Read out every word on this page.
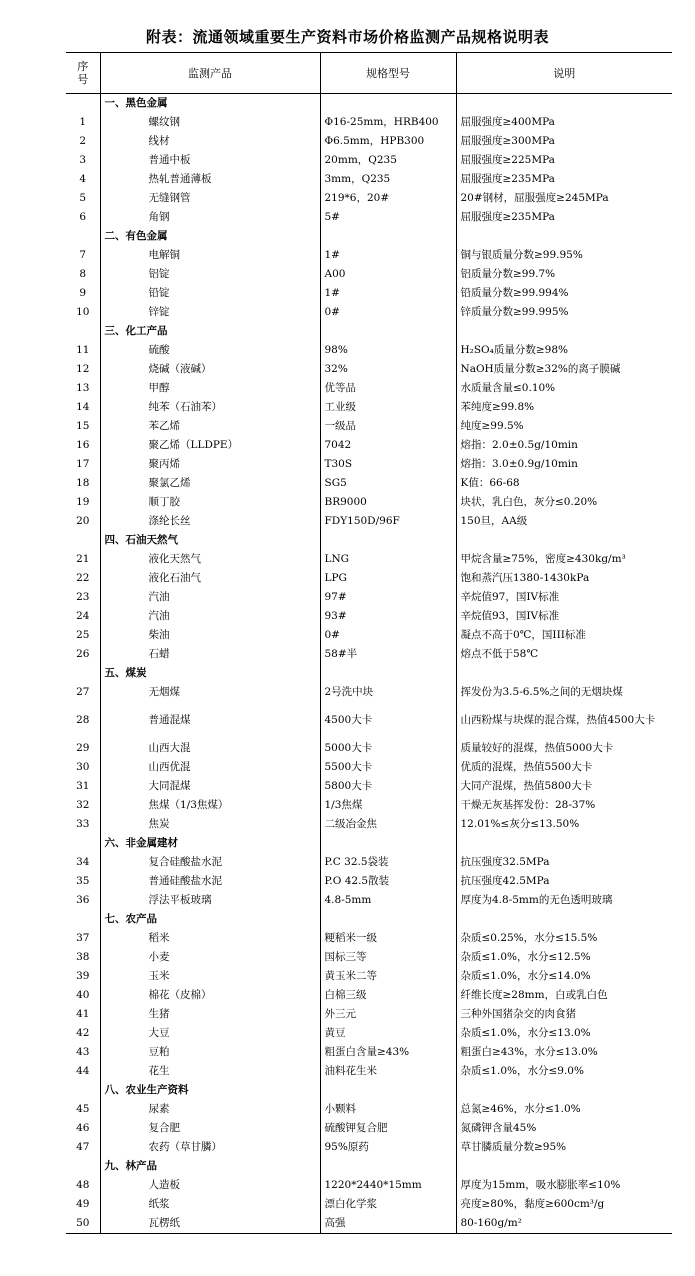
附表：流通领域重要生产资料市场价格监测产品规格说明表
序
号	监测产品	规格型号	说明
	一、黑色金属		
1	螺纹钢	Φ16-25mm，HRB400	屈服强度≥400MPa
2	线材	Φ6.5mm，HPB300	屈服强度≥300MPa
3	普通中板	20mm，Q235	屈服强度≥225MPa
4	热轧普通薄板	3mm，Q235	屈服强度≥235MPa
5	无缝钢管	219*6，20#	20#钢材，屈服强度≥245MPa
6	角钢	5#	屈服强度≥235MPa
	二、有色金属		
7	电解铜	1#	铜与银质量分数≥99.95%
8	铝锭	A00	铝质量分数≥99.7%
9	铅锭	1#	铅质量分数≥99.994%
10	锌锭	0#	锌质量分数≥99.995%
	三、化工产品		
11	硫酸	98%	H₂SO₄质量分数≥98%
12	烧碱（液碱）	32%	NaOH质量分数≥32%的离子膜碱
13	甲醇	优等品	水质量含量≤0.10%
14	纯苯（石油苯）	工业级	苯纯度≥99.8%
15	苯乙烯	一级品	纯度≥99.5%
16	聚乙烯（LLDPE）	7042	熔指：2.0±0.5g/10min
17	聚丙烯	T30S	熔指：3.0±0.9g/10min
18	聚氯乙烯	SG5	K值：66-68
19	顺丁胶	BR9000	块状，乳白色，灰分≤0.20%
20	涤纶长丝	FDY150D/96F	150旦，AA级
	四、石油天然气		
21	液化天然气	LNG	甲烷含量≥75%，密度≥430kg/m³
22	液化石油气	LPG	饱和蒸汽压1380-1430kPa
23	汽油	97#	辛烷值97，国IV标准
24	汽油	93#	辛烷值93，国IV标准
25	柴油	0#	凝点不高于0℃，国III标准
26	石蜡	58#半	熔点不低于58℃
	五、煤炭		
27	无烟煤	2号洗中块	挥发份为3.5-6.5%之间的无烟块煤
28	普通混煤	4500大卡	山西粉煤与块煤的混合煤，热值4500大卡
29	山西大混	5000大卡	质量较好的混煤，热值5000大卡
30	山西优混	5500大卡	优质的混煤，热值5500大卡
31	大同混煤	5800大卡	大同产混煤，热值5800大卡
32	焦煤（1/3焦煤）	1/3焦煤	干燥无灰基挥发份：28-37%
33	焦炭	二级冶金焦	12.01%≤灰分≤13.50%
	六、非金属建材		
34	复合硅酸盐水泥	P.C 32.5袋装	抗压强度32.5MPa
35	普通硅酸盐水泥	P.O 42.5散装	抗压强度42.5MPa
36	浮法平板玻璃	4.8-5mm	厚度为4.8-5mm的无色透明玻璃
	七、农产品		
37	稻米	粳稻米一级	杂质≤0.25%，水分≤15.5%
38	小麦	国标三等	杂质≤1.0%，水分≤12.5%
39	玉米	黄玉米二等	杂质≤1.0%，水分≤14.0%
40	棉花（皮棉）	白棉三级	纤维长度≥28mm，白或乳白色
41	生猪	外三元	三种外国猪杂交的肉食猪
42	大豆	黄豆	杂质≤1.0%，水分≤13.0%
43	豆粕	粗蛋白含量≥43%	粗蛋白≥43%，水分≤13.0%
44	花生	油料花生米	杂质≤1.0%，水分≤9.0%
	八、农业生产资料		
45	尿素	小颗料	总氮≥46%，水分≤1.0%
46	复合肥	硫酸钾复合肥	氮磷钾含量45%
47	农药（草甘膦）	95%原药	草甘膦质量分数≥95%
	九、林产品		
48	人造板	1220*2440*15mm	厚度为15mm，吸水膨胀率≤10%
49	纸浆	漂白化学浆	亮度≥80%，黏度≥600cm³/g
50	瓦楞纸	高强	80-160g/m²
